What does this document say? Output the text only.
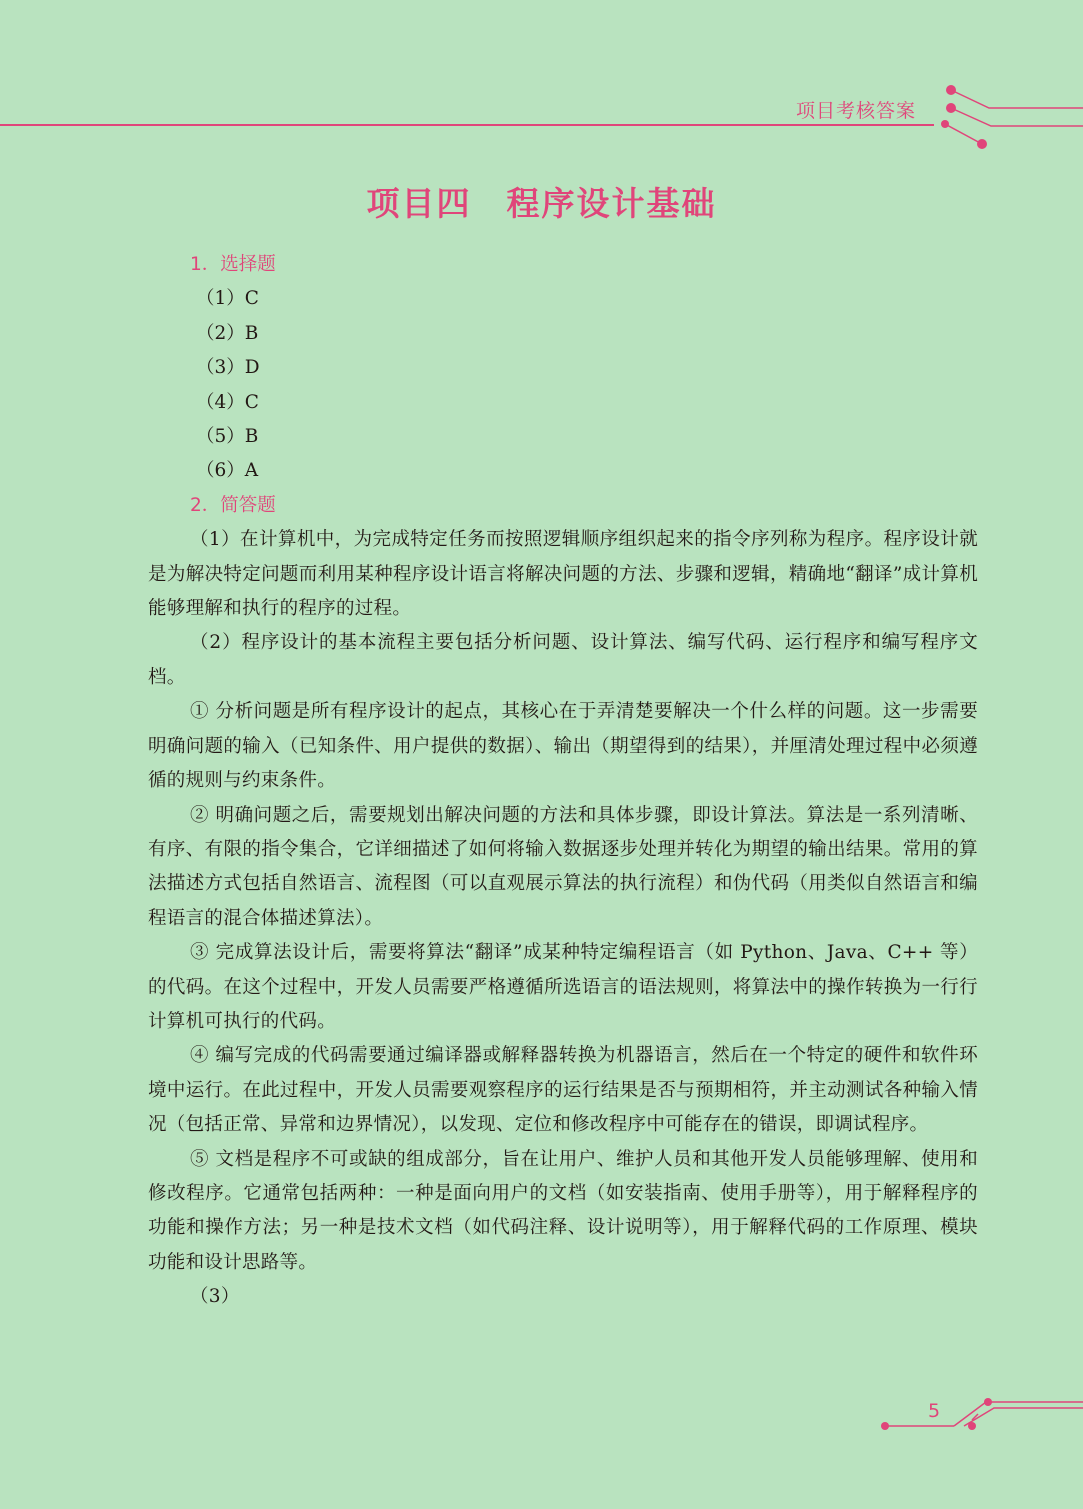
项目考核答案
项目四　程序设计基础
1．选择题
（1）C
（2）B
（3）D
（4）C
（5）B
（6）A
2．简答题
（1）在计算机中，为完成特定任务而按照逻辑顺序组织起来的指令序列称为程序。程序设计就是为解决特定问题而利用某种程序设计语言将解决问题的方法、步骤和逻辑，精确地“翻译”成计算机能够理解和执行的程序的过程。
（2）程序设计的基本流程主要包括分析问题、设计算法、编写代码、运行程序和编写程序文档。
① 分析问题是所有程序设计的起点，其核心在于弄清楚要解决一个什么样的问题。这一步需要明确问题的输入（已知条件、用户提供的数据）、输出（期望得到的结果），并厘清处理过程中必须遵循的规则与约束条件。
② 明确问题之后，需要规划出解决问题的方法和具体步骤，即设计算法。算法是一系列清晰、有序、有限的指令集合，它详细描述了如何将输入数据逐步处理并转化为期望的输出结果。常用的算法描述方式包括自然语言、流程图（可以直观展示算法的执行流程）和伪代码（用类似自然语言和编程语言的混合体描述算法）。
③ 完成算法设计后，需要将算法“翻译”成某种特定编程语言（如 Python、Java、C++ 等）的代码。在这个过程中，开发人员需要严格遵循所选语言的语法规则，将算法中的操作转换为一行行计算机可执行的代码。
④ 编写完成的代码需要通过编译器或解释器转换为机器语言，然后在一个特定的硬件和软件环境中运行。在此过程中，开发人员需要观察程序的运行结果是否与预期相符，并主动测试各种输入情况（包括正常、异常和边界情况），以发现、定位和修改程序中可能存在的错误，即调试程序。
⑤ 文档是程序不可或缺的组成部分，旨在让用户、维护人员和其他开发人员能够理解、使用和修改程序。它通常包括两种：一种是面向用户的文档（如安装指南、使用手册等），用于解释程序的功能和操作方法；另一种是技术文档（如代码注释、设计说明等），用于解释代码的工作原理、模块功能和设计思路等。
（3）
5
